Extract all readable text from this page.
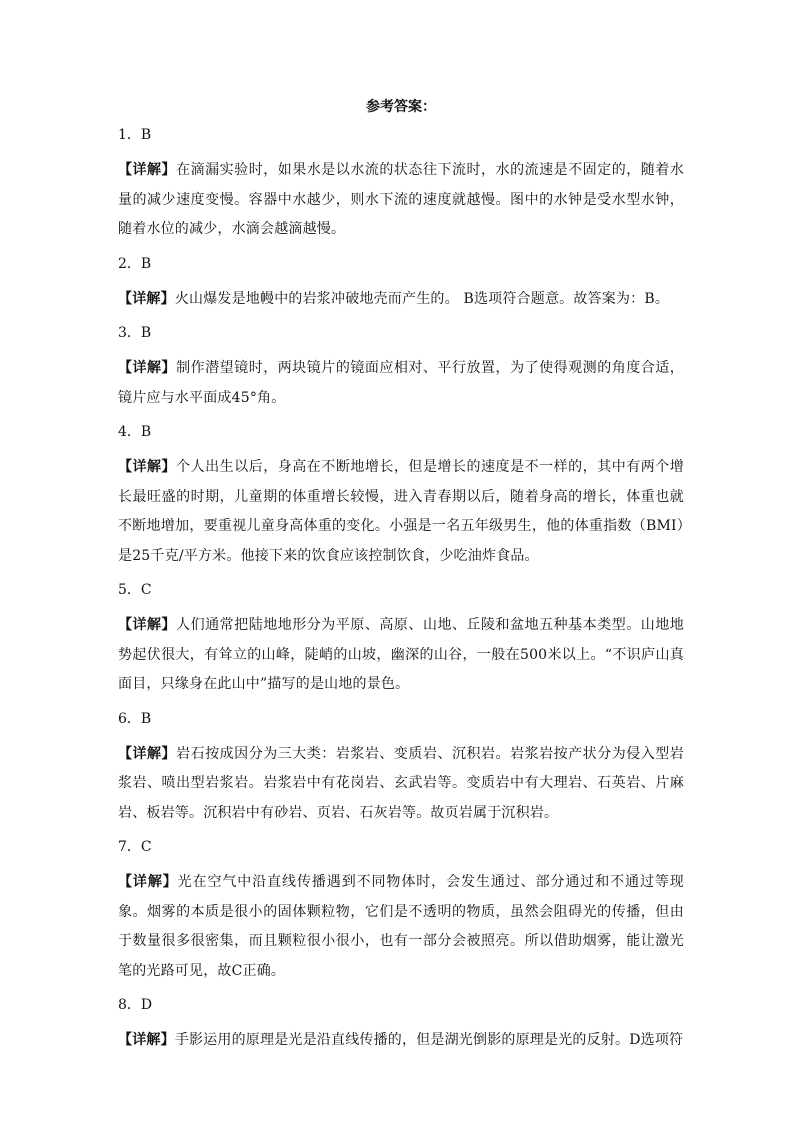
参考答案：
1．B

【详解】在滴漏实验时，如果水是以水流的状态往下流时，水的流速是不固定的，随着水量的减少速度变慢。容器中水越少，则水下流的速度就越慢。图中的水钟是受水型水钟，随着水位的减少，水滴会越滴越慢。

2．B

【详解】火山爆发是地幔中的岩浆冲破地壳而产生的。 B选项符合题意。故答案为：B。

3．B

【详解】制作潜望镜时，两块镜片的镜面应相对、平行放置，为了使得观测的角度合适，镜片应与水平面成45°角。

4．B

【详解】个人出生以后，身高在不断地增长，但是增长的速度是不一样的，其中有两个增长最旺盛的时期，儿童期的体重增长较慢，进入青春期以后，随着身高的增长，体重也就不断地增加，要重视儿童身高体重的变化。小强是一名五年级男生，他的体重指数（BMI）是25千克/平方米。他接下来的饮食应该控制饮食，少吃油炸食品。

5．C

【详解】人们通常把陆地地形分为平原、高原、山地、丘陵和盆地五种基本类型。山地地势起伏很大，有耸立的山峰，陡峭的山坡，幽深的山谷，一般在500米以上。“不识庐山真面目，只缘身在此山中”描写的是山地的景色。

6．B

【详解】岩石按成因分为三大类：岩浆岩、变质岩、沉积岩。岩浆岩按产状分为侵入型岩浆岩、喷出型岩浆岩。岩浆岩中有花岗岩、玄武岩等。变质岩中有大理岩、石英岩、片麻岩、板岩等。沉积岩中有砂岩、页岩、石灰岩等。故页岩属于沉积岩。

7．C

【详解】光在空气中沿直线传播遇到不同物体时，会发生通过、部分通过和不通过等现象。烟雾的本质是很小的固体颗粒物，它们是不透明的物质，虽然会阻碍光的传播，但由于数量很多很密集，而且颗粒很小很小，也有一部分会被照亮。所以借助烟雾，能让激光笔的光路可见，故C正确。

8．D

【详解】手影运用的原理是光是沿直线传播的，但是湖光倒影的原理是光的反射。D选项符
